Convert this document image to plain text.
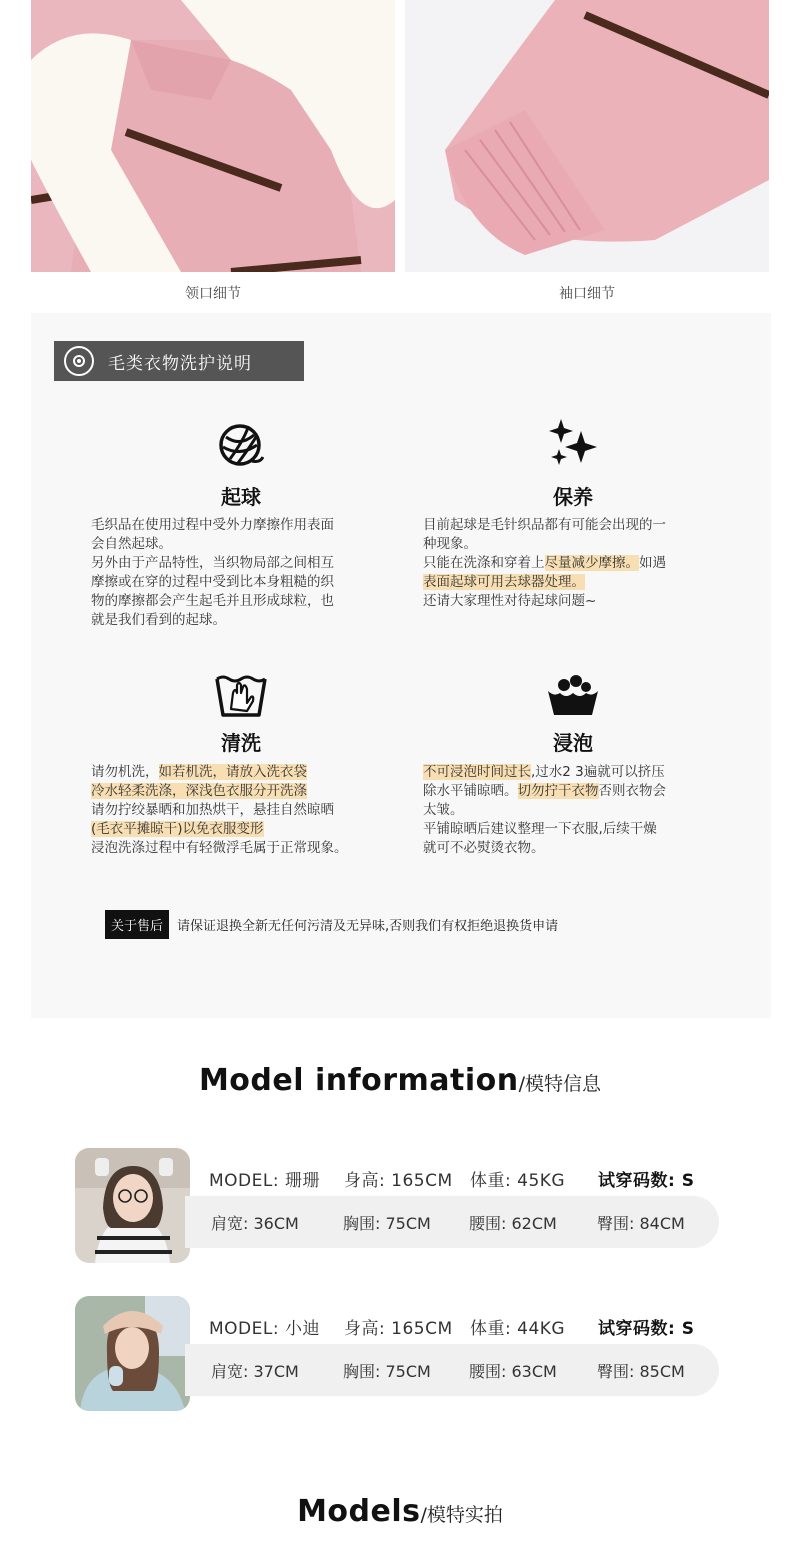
领口细节	袖口细节
毛类衣物洗护说明
起球

毛织品在使用过程中受外力摩擦作用表面

会自然起球。

另外由于产品特性，当织物局部之间相互

摩擦或在穿的过程中受到比本身粗糙的织

物的摩擦都会产生起毛并且形成球粒，也

就是我们看到的起球。

保养

目前起球是毛针织品都有可能会出现的一

种现象。

只能在洗涤和穿着上尽量减少摩擦。如遇

表面起球可用去球器处理。

还请大家理性对待起球问题~

清洗

请勿机洗，如若机洗，请放入洗衣袋

冷水轻柔洗涤，深浅色衣服分开洗涤

请勿拧绞暴晒和加热烘干，悬挂自然晾晒

(毛衣平摊晾干)以免衣服变形

浸泡洗涤过程中有轻微浮毛属于正常现象。

浸泡

不可浸泡时间过长,过水2 3遍就可以挤压

除水平铺晾晒。切勿拧干衣物否则衣物会

太皱。

平铺晾晒后建议整理一下衣服,后续干燥

就可不必熨烫衣物。

关于售后	请保证退换全新无任何污清及无异味,否则我们有权拒绝退换货申请
Model information/模特信息
MODEL: 珊珊	身高: 165CM	体重: 45KG	试穿码数: S
肩宽: 36CM	胸围: 75CM	腰围: 62CM	臀围: 84CM
MODEL: 小迪	身高: 165CM	体重: 44KG	试穿码数: S
肩宽: 37CM	胸围: 75CM	腰围: 63CM	臀围: 85CM
Models/模特实拍
